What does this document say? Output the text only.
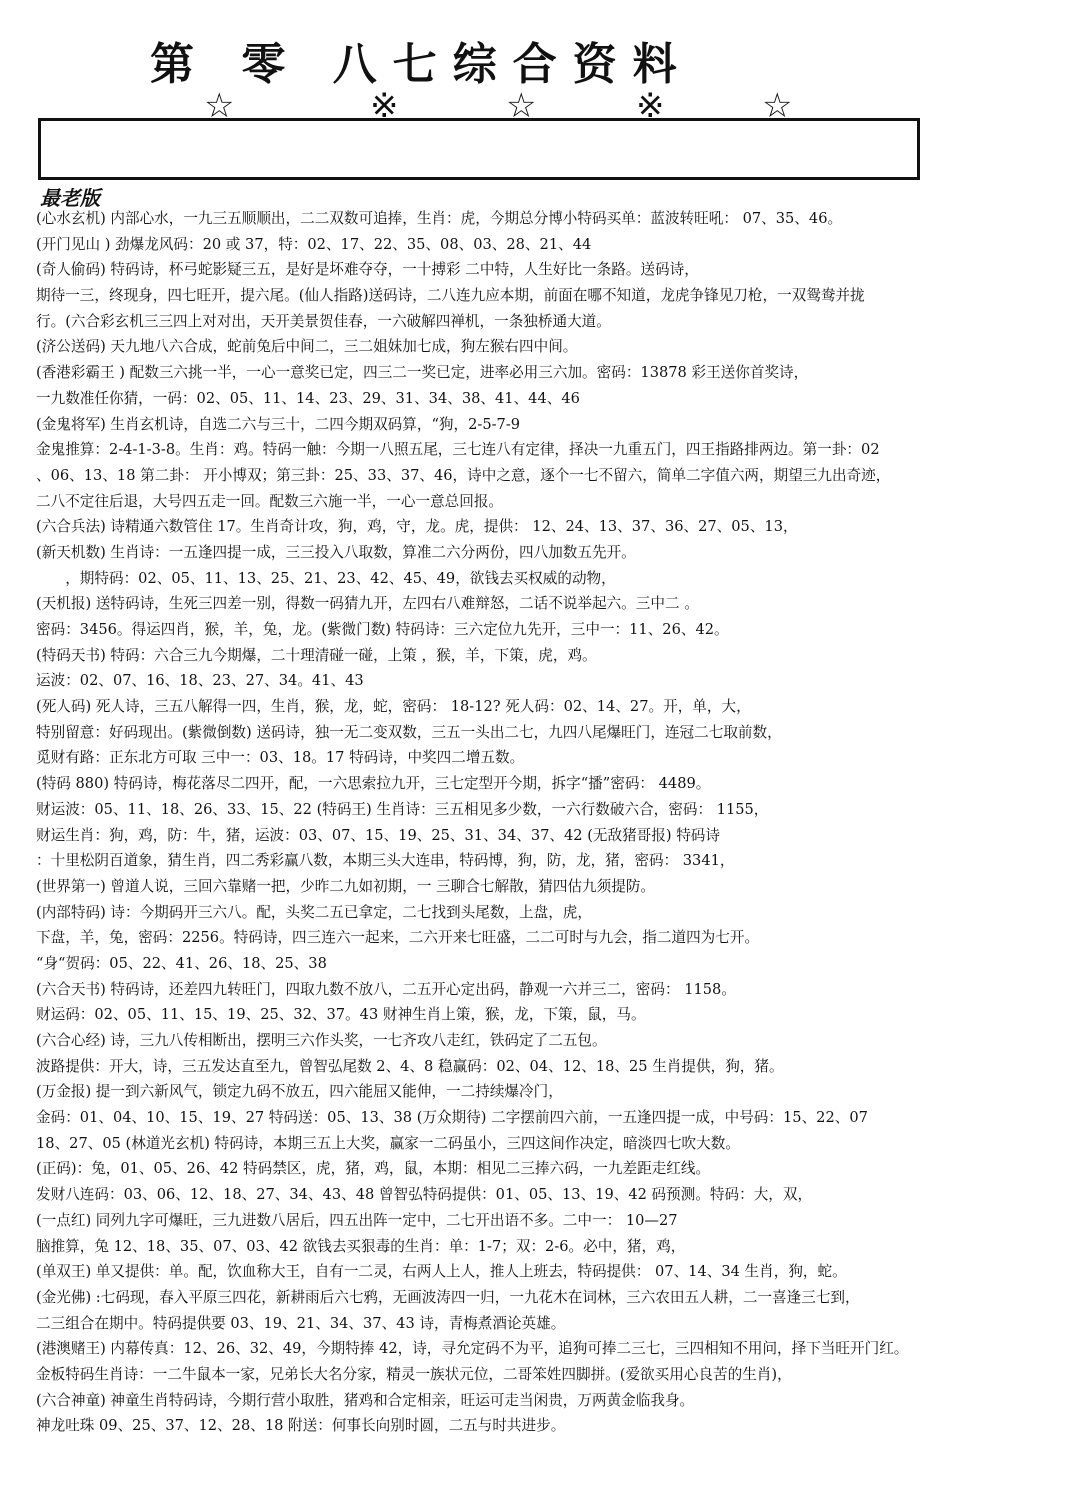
第 零 八七综合资料
☆	※	☆	※	☆
最老版
(心水玄机) 内部心水，一九三五顺顺出，二二双数可追捧，生肖：虎，今期总分博小特码买单：蓝波转旺吼： 07、35、46。
(开门见山 ) 劲爆龙风码：20 或 37，特：02、17、22、35、08、03、28、21、44
(奇人偷码) 特码诗，杯弓蛇影疑三五，是好是坏难夺夺，一十搏彩 二中特，人生好比一条路。送码诗，
期待一三，终现身，四七旺开，提六尾。(仙人指路)送码诗，二八连九应本期，前面在哪不知道，龙虎争锋见刀枪，一双鸳鸯并拢
行。(六合彩玄机三三四上对对出，天开美景贺佳春，一六破解四禅机，一条独桥通大道。
(济公送码) 天九地八六合成，蛇前兔后中间二，三二姐妹加七成，狗左猴右四中间。
(香港彩霸王 ) 配数三六挑一半，一心一意奖已定，四三二一奖已定，进率必用三六加。密码：13878 彩王送你首奖诗，
一九数准任你猜，一码：02、05、11、14、23、29、31、34、38、41、44、46
(金鬼将军) 生肖玄机诗，自选二六与三十，二四今期双码算，“狗，2-5-7-9
金鬼推算：2-4-1-3-8。生肖：鸡。特码一触：今期一八照五尾，三七连八有定律，择决一九重五门，四王指路排两边。第一卦：02
、06、13、18 第二卦： 开小博双；第三卦：25、33、37、46，诗中之意，逐个一七不留六，简单二字值六两，期望三九出奇迹，
二八不定往后退，大号四五走一回。配数三六施一半，一心一意总回报。
(六合兵法) 诗精通六数管住 17。生肖奇计攻，狗，鸡，守，龙。虎，提供： 12、24、13、37、36、27、05、13，
(新天机数) 生肖诗：一五逢四提一成，三三投入八取数，算准二六分两份，四八加数五先开。
　　，期特码：02、05、11、13、25、21、23、42、45、49，欲钱去买权威的动物，
(天机报) 送特码诗，生死三四差一别，得数一码猜九开，左四右八难辩怒，二话不说举起六。三中二 。
密码：3456。得运四肖，猴，羊，兔，龙。(紫微门数) 特码诗：三六定位九先开，三中一：11、26、42。
(特码天书) 特码：六合三九今期爆，二十理清碰一碰，上策 ，猴，羊，下策，虎，鸡。
运波：02、07、16、18、23、27、34。41、43
(死人码) 死人诗，三五八解得一四，生肖，猴，龙，蛇，密码： 18-12? 死人码：02、14、27。开，单，大，
特别留意：好码现出。(紫微倒数) 送码诗，独一无二变双数，三五一头出二七，九四八尾爆旺门，连冠二七取前数，
觅财有路：正东北方可取 三中一：03、18。17 特码诗，中奖四二增五数。
(特码 880) 特码诗，梅花落尽二四开，配，一六思索拉九开，三七定型开今期，拆字“播”密码： 4489。
财运波：05、11、18、26、33、15、22 (特码王) 生肖诗：三五相见多少数，一六行数破六合，密码： 1155，
财运生肖：狗，鸡，防：牛，猪，运波：03、07、15、19、25、31、34、37、42 (无敌猪哥报) 特码诗
：十里松阴百道象，猜生肖，四二秀彩赢八数，本期三头大连串，特码博，狗，防，龙，猪，密码： 3341，
(世界第一) 曾道人说，三回六靠赌一把，少昨二九如初期，一 三聊合七解散，猜四估九须提防。
(内部特码) 诗：今期码开三六八。配，头奖二五已拿定，二七找到头尾数，上盘，虎，
下盘，羊，兔，密码：2256。特码诗，四三连六一起来，二六开来七旺盛，二二可时与九会，指二道四为七开。
“身“贺码：05、22、41、26、18、25、38
(六合天书) 特码诗，还差四九转旺门，四取九数不放八，二五开心定出码，静观一六并三二，密码： 1158。
财运码：02、05、11、15、19、25、32、37。43 财神生肖上策，猴，龙，下策，鼠，马。
(六合心经) 诗，三九八传相断出，摆明三六作头奖，一七齐攻八走红，铁码定了二五包。
波路提供：开大，诗，三五发达直至九，曾智弘尾数 2、4、8 稳赢码：02、04、12、18、25 生肖提供，狗，猪。
(万金报) 提一到六新风气，锁定九码不放五，四六能屈又能伸，一二持续爆冷门，
金码：01、04、10、15、19、27 特码送：05、13、38 (万众期待) 二字摆前四六前，一五逢四提一成，中号码：15、22、07
18、27、05 (林道光玄机) 特码诗，本期三五上大奖，赢家一二码虽小，三四这间作决定，暗淡四七吹大数。
(正码)：兔，01、05、26、42 特码禁区，虎，猪，鸡，鼠，本期：相见二三捧六码，一九差距走红线。
发财八连码：03、06、12、18、27、34、43、48 曾智弘特码提供：01、05、13、19、42 码预测。特码：大，双，
(一点红) 同列九字可爆旺，三九进数八居后，四五出阵一定中，二七开出语不多。二中一： 10—27
脑推算，兔 12、18、35、07、03、42 欲钱去买狠毒的生肖：单：1-7；双：2-6。必中，猪，鸡，
(单双王) 单又提供：单。配，饮血称大王，自有一二灵，右两人上人，推人上班去，特码提供： 07、14、34 生肖，狗，蛇。
(金光佛) :七码现，春入平原三四花，新耕雨后六七鸦，无画波涛四一归，一九花木在词林，三六农田五人耕，二一喜逢三七到，
二三组合在期中。特码提供要 03、19、21、34、37、43 诗，青梅煮酒论英雄。
(港澳赌王) 内幕传真：12、26、32、49，今期特捧 42，诗，寻允定码不为平，追狗可捧二三七，三四相知不用问，择下当旺开门红。
金板特码生肖诗：一二牛鼠本一家，兄弟长大名分家，精灵一族状元位，二哥笨姓四脚拼。(爱欲买用心良苦的生肖)，
(六合神童) 神童生肖特码诗，今期行营小取胜，猪鸡和合定相亲，旺运可走当闲贵，万两黄金临我身。
神龙吐珠 09、25、37、12、28、18 附送：何事长向别时圆，二五与时共进步。
